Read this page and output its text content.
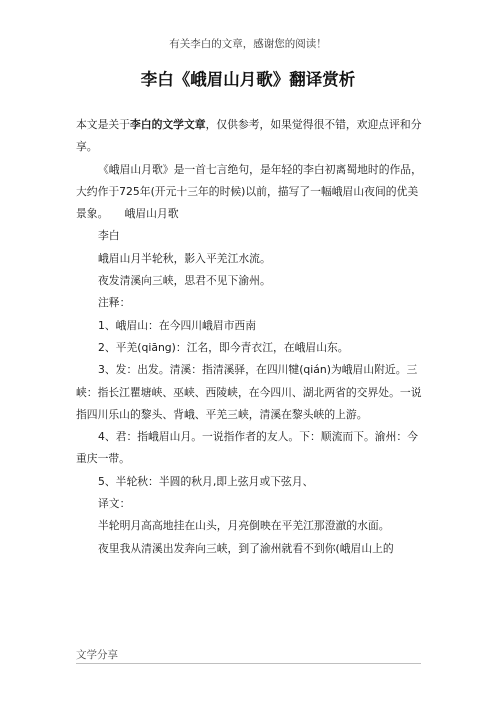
有关李白的文章，感谢您的阅读！
李白《峨眉山月歌》翻译赏析

本文是关于李白的文学文章，仅供参考，如果觉得很不错，欢迎点评和分享。

《峨眉山月歌》是一首七言绝句，是年轻的李白初离蜀地时的作品，大约作于725年(开元十三年的时候)以前，描写了一幅峨眉山夜间的优美景象。　　峨眉山月歌

李白

峨眉山月半轮秋，影入平羌江水流。

夜发清溪向三峡，思君不见下渝州。

注释：

1、峨眉山：在今四川峨眉市西南

2、平羌(qiāng)：江名，即今青衣江，在峨眉山东。

3、发：出发。清溪：指清溪驿，在四川犍(qián)为峨眉山附近。三峡：指长江瞿塘峡、巫峡、西陵峡，在今四川、湖北两省的交界处。一说指四川乐山的黎头、背峨、平羌三峡，清溪在黎头峡的上游。

4、君：指峨眉山月。一说指作者的友人。下：顺流而下。渝州：今重庆一带。

5、半轮秋：半圆的秋月,即上弦月或下弦月、

译文：

半轮明月高高地挂在山头，月亮倒映在平羌江那澄澈的水面。

夜里我从清溪出发奔向三峡，到了渝州就看不到你(峨眉山上的

文学分享
